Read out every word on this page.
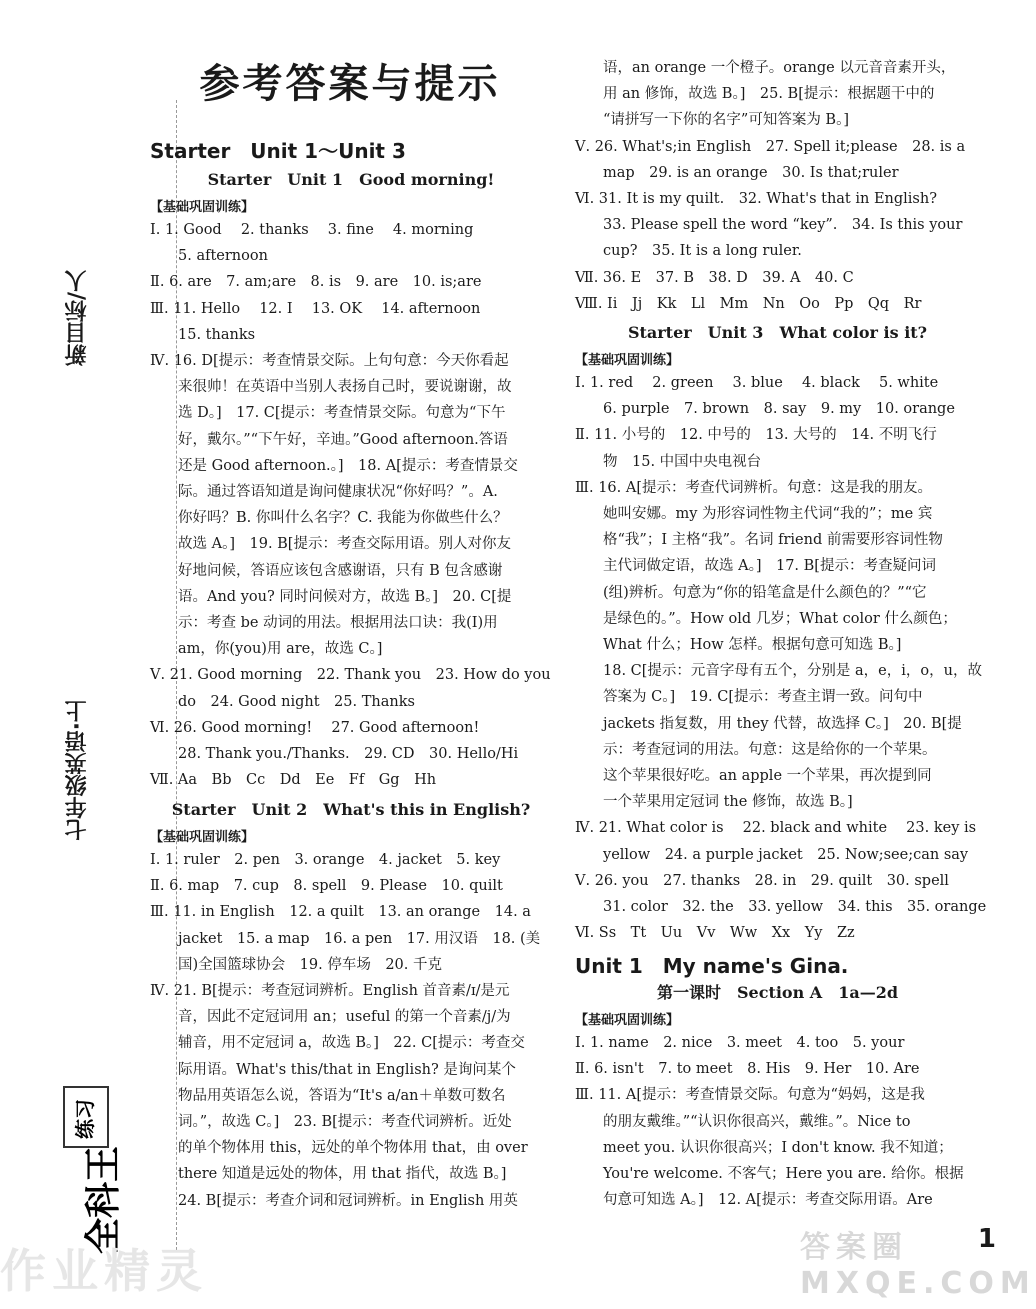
新目标/人
七年级英语·上
练习
全科王
参考答案与提示
Starter　Unit 1～Unit 3
Starter　Unit 1　Good morning!
【基础巩固训练】
Ⅰ. 1. Good　 2. thanks　 3. fine　 4. morning
5. afternoon
Ⅱ. 6. are　7. am;are　8. is　9. are　10. is;are
Ⅲ. 11. Hello　 12. I　 13. OK　 14. afternoon
15. thanks
Ⅳ. 16. D[提示：考查情景交际。上句句意：今天你看起
来很帅！在英语中当别人表扬自己时，要说谢谢，故
选 D。]　17. C[提示：考查情景交际。句意为“下午
好，戴尔。”“下午好，辛迪。”Good afternoon.答语
还是 Good afternoon.。]　18. A[提示：考查情景交
际。通过答语知道是询问健康状况“你好吗？”。A.
你好吗？B. 你叫什么名字？C. 我能为你做些什么？
故选 A。]　19. B[提示：考查交际用语。别人对你友
好地问候，答语应该包含感谢语，只有 B 包含感谢
语。And you? 同时问候对方，故选 B。]　20. C[提
示：考查 be 动词的用法。根据用法口诀：我(I)用
am，你(you)用 are，故选 C。]
Ⅴ. 21. Good morning　22. Thank you　23. How do you
do　24. Good night　25. Thanks
Ⅵ. 26. Good morning!　 27. Good afternoon!
28. Thank you./Thanks.　29. CD　30. Hello/Hi
Ⅶ. Aa　Bb　Cc　Dd　Ee　Ff　Gg　Hh
Starter　Unit 2　What's this in English?
【基础巩固训练】
Ⅰ. 1. ruler　2. pen　3. orange　4. jacket　5. key
Ⅱ. 6. map　7. cup　8. spell　9. Please　10. quilt
Ⅲ. 11. in English　12. a quilt　13. an orange　14. a
jacket　15. a map　16. a pen　17. 用汉语　18. (美
国)全国篮球协会　19. 停车场　20. 千克
Ⅳ. 21. B[提示：考查冠词辨析。English 首音素/ɪ/是元
音，因此不定冠词用 an；useful 的第一个音素/j/为
辅音，用不定冠词 a，故选 B。]　22. C[提示：考查交
际用语。What's this/that in English? 是询问某个
物品用英语怎么说，答语为“It's a/an＋单数可数名
词。”，故选 C。]　23. B[提示：考查代词辨析。近处
的单个物体用 this，远处的单个物体用 that，由 over
there 知道是远处的物体，用 that 指代，故选 B。]
24. B[提示：考查介词和冠词辨析。in English 用英
语，an orange 一个橙子。orange 以元音音素开头，
用 an 修饰，故选 B。]　25. B[提示：根据题干中的
“请拼写一下你的名字”可知答案为 B。]
Ⅴ. 26. What's;in English　27. Spell it;please　28. is a
map　29. is an orange　30. Is that;ruler
Ⅵ. 31. It is my quilt.　32. What's that in English?
33. Please spell the word “key”.　34. Is this your
cup?　35. It is a long ruler.
Ⅶ. 36. E　37. B　38. D　39. A　40. C
Ⅷ. Ii　Jj　Kk　Ll　Mm　Nn　Oo　Pp　Qq　Rr
Starter　Unit 3　What color is it?
【基础巩固训练】
Ⅰ. 1. red　 2. green　 3. blue　 4. black　 5. white
6. purple　7. brown　8. say　9. my　10. orange
Ⅱ. 11. 小号的　12. 中号的　13. 大号的　14. 不明飞行
物　15. 中国中央电视台
Ⅲ. 16. A[提示：考查代词辨析。句意：这是我的朋友。
她叫安娜。my 为形容词性物主代词“我的”；me 宾
格“我”；I 主格“我”。名词 friend 前需要形容词性物
主代词做定语，故选 A。]　17. B[提示：考查疑问词
(组)辨析。句意为“你的铅笔盒是什么颜色的？”“它
是绿色的。”。How old 几岁；What color 什么颜色；
What 什么；How 怎样。根据句意可知选 B。]
18. C[提示：元音字母有五个，分别是 a，e，i，o，u，故
答案为 C。]　19. C[提示：考查主谓一致。问句中
jackets 指复数，用 they 代替，故选择 C。]　20. B[提
示：考查冠词的用法。句意：这是给你的一个苹果。
这个苹果很好吃。an apple 一个苹果，再次提到同
一个苹果用定冠词 the 修饰，故选 B。]
Ⅳ. 21. What color is　 22. black and white　 23. key is
yellow　24. a purple jacket　25. Now;see;can say
Ⅴ. 26. you　27. thanks　28. in　29. quilt　30. spell
31. color　32. the　33. yellow　34. this　35. orange
Ⅵ. Ss　Tt　Uu　Vv　Ww　Xx　Yy　Zz
Unit 1　My name's Gina.
第一课时　Section A　1a—2d
【基础巩固训练】
Ⅰ. 1. name　2. nice　3. meet　4. too　5. your
Ⅱ. 6. isn't　7. to meet　8. His　9. Her　10. Are
Ⅲ. 11. A[提示：考查情景交际。句意为“妈妈，这是我
的朋友戴维。”“认识你很高兴，戴维。”。Nice to
meet you. 认识你很高兴；I don't know. 我不知道；
You're welcome. 不客气；Here you are. 给你。根据
句意可知选 A。]　12. A[提示：考查交际用语。Are
作业精灵	答案圈 MXQE.COM
1
